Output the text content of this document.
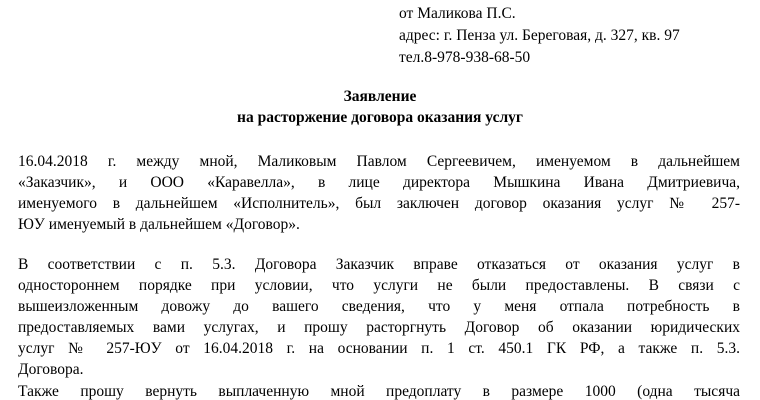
от Маликова П.С.
адрес: г. Пенза ул. Береговая, д. 327, кв. 97
тел.8-978-938-68-50
Заявление
на расторжение договора оказания услуг
16.04.2018 г. между мной, Маликовым Павлом Сергеевичем, именуемом в дальнейшем
«Заказчик», и ООО «Каравелла», в лице директора Мышкина Ивана Дмитриевича,
именуемого в дальнейшем «Исполнитель», был заключен договор оказания услуг № 257-
ЮУ именуемый в дальнейшем «Договор».
В соответствии с п. 5.3. Договора Заказчик вправе отказаться от оказания услуг в
одностороннем порядке при условии, что услуги не были предоставлены. В связи с
вышеизложенным довожу до вашего сведения, что у меня отпала потребность в
предоставляемых вами услугах, и прошу расторгнуть Договор об оказании юридических
услуг № 257-ЮУ от 16.04.2018 г. на основании п. 1 ст. 450.1 ГК РФ, а также п. 5.3.
Договора.
Также прошу вернуть выплаченную мной предоплату в размере 1000 (одна тысяча
